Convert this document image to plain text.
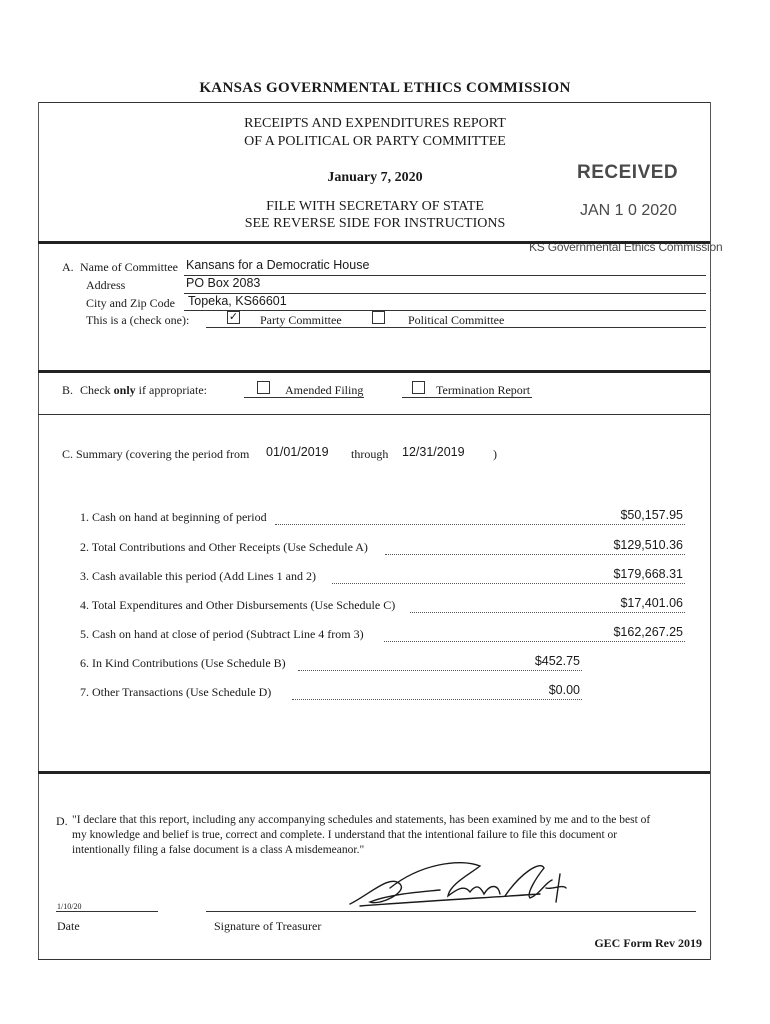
KANSAS GOVERNMENTAL ETHICS COMMISSION
RECEIPTS AND EXPENDITURES REPORT
OF A POLITICAL OR PARTY COMMITTEE
January 7, 2020
FILE WITH SECRETARY OF STATE
SEE REVERSE SIDE FOR INSTRUCTIONS
RECEIVED
JAN 1 0 2020
KS Governmental Ethics Commission
A. Name of Committee Kansans for a Democratic House
Address	PO Box 2083
City and Zip Code Topeka, KS66601
This is a (check one):	✓ Party Committee	Political Committee
B. Check only if appropriate:	Amended Filing	Termination Report
C. Summary (covering the period from 01/01/2019 through 12/31/2019 )
1. Cash on hand at beginning of period	$50,157.95
2. Total Contributions and Other Receipts (Use Schedule A)	$129,510.36
3. Cash available this period (Add Lines 1 and 2)	$179,668.31
4. Total Expenditures and Other Disbursements (Use Schedule C)	$17,401.06
5. Cash on hand at close of period (Subtract Line 4 from 3)	$162,267.25
6. In Kind Contributions (Use Schedule B)	$452.75
7. Other Transactions (Use Schedule D)	$0.00
D. "I declare that this report, including any accompanying schedules and statements, has been examined by me and to the best of
my knowledge and belief is true, correct and complete. I understand that the intentional failure to file this document or
intentionally filing a false document is a class A misdemeanor."
1/10/20
Date	Signature of Treasurer
GEC Form Rev 2019
